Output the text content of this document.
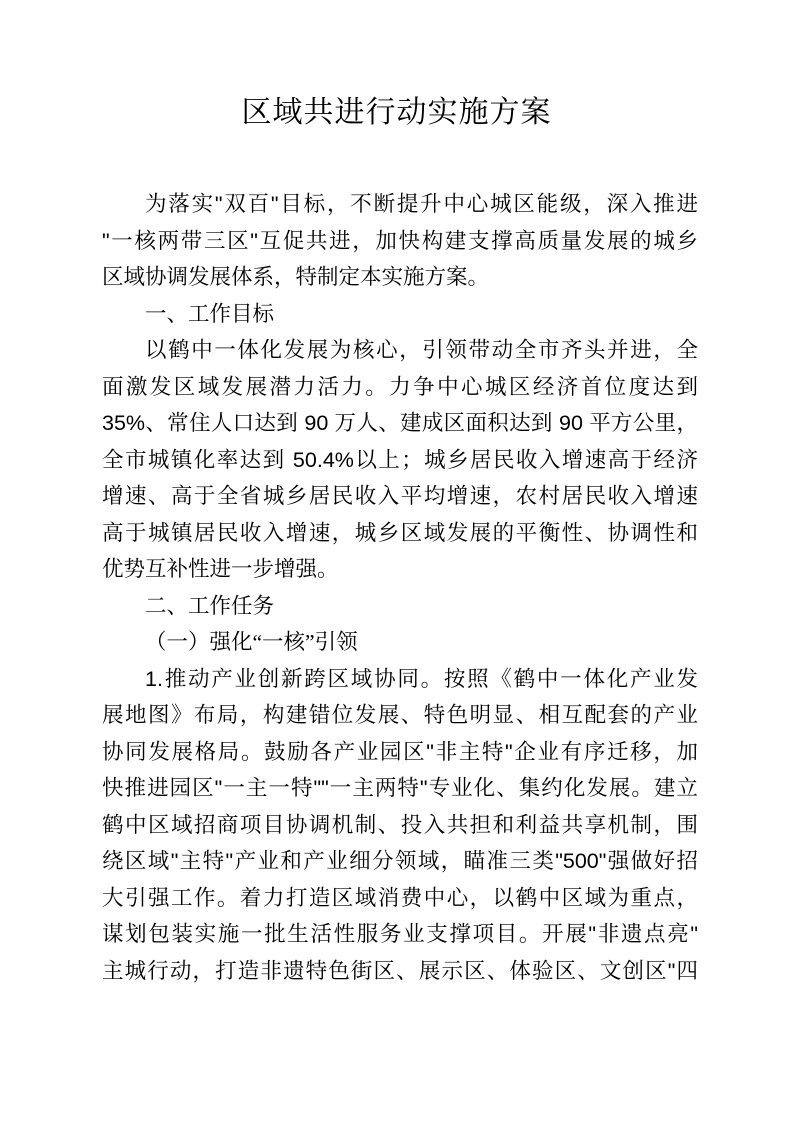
区域共进行动实施方案
为落实"双百"目标，不断提升中心城区能级，深入推进
"一核两带三区"互促共进，加快构建支撑高质量发展的城乡
区域协调发展体系，特制定本实施方案。
一、工作目标
以鹤中一体化发展为核心，引领带动全市齐头并进，全
面激发区域发展潜力活力。力争中心城区经济首位度达到
35%、常住人口达到 90 万人、建成区面积达到 90 平方公里，
全市城镇化率达到 50.4%以上；城乡居民收入增速高于经济
增速、高于全省城乡居民收入平均增速，农村居民收入增速
高于城镇居民收入增速，城乡区域发展的平衡性、协调性和
优势互补性进一步增强。
二、工作任务
（一）强化“一核”引领
1.推动产业创新跨区域协同。按照《鹤中一体化产业发
展地图》布局，构建错位发展、特色明显、相互配套的产业
协同发展格局。鼓励各产业园区"非主特"企业有序迁移，加
快推进园区"一主一特""一主两特"专业化、集约化发展。建立
鹤中区域招商项目协调机制、投入共担和利益共享机制，围
绕区域"主特"产业和产业细分领域，瞄准三类"500"强做好招
大引强工作。着力打造区域消费中心，以鹤中区域为重点，
谋划包装实施一批生活性服务业支撑项目。开展"非遗点亮"
主城行动，打造非遗特色街区、展示区、体验区、文创区"四
